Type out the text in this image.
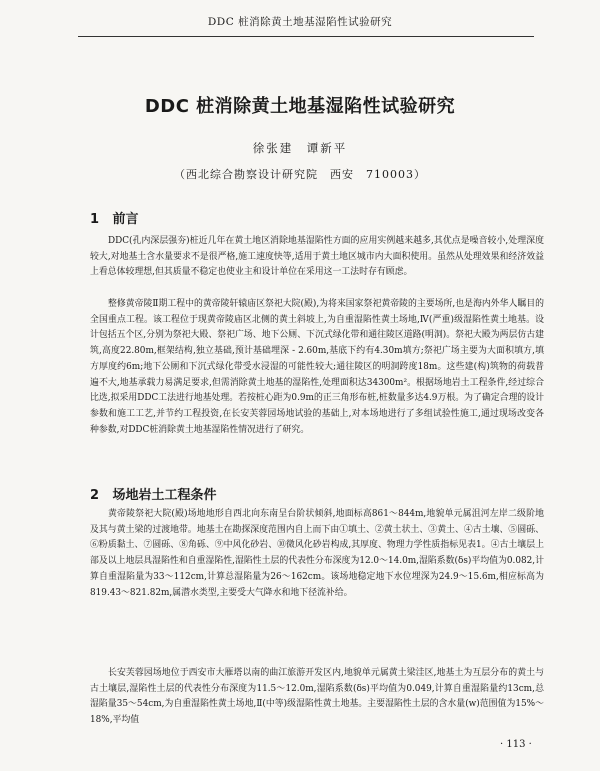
DDC 桩消除黄土地基湿陷性试验研究
DDC 桩消除黄土地基湿陷性试验研究
徐张建　谭新平
（西北综合勘察设计研究院　西安　710003）
1 前言

DDC(孔内深层强夯)桩近几年在黄土地区消除地基湿陷性方面的应用实例越来越多,其优点是噪音较小,处理深度较大,对地基土含水量要求不是很严格,施工速度快等,适用于黄土地区城市内大面积使用。虽然从处理效果和经济效益上看总体较理想,但其质量不稳定也使业主和设计单位在采用这一工法时存有顾虑。

整修黄帝陵Ⅱ期工程中的黄帝陵轩辕庙区祭祀大院(殿),为将来国家祭祀黄帝陵的主要场所,也是海内外华人瞩目的全国重点工程。该工程位于现黄帝陵庙区北侧的黄土斜坡上,为自重湿陷性黄土场地,Ⅳ(严重)级湿陷性黄土地基。设计包括五个区,分别为祭祀大殿、祭祀广场、地下公厕、下沉式绿化带和通往陵区道路(明洞)。祭祀大殿为两层仿古建筑,高度22.80m,框架结构,独立基础,预计基础埋深 - 2.60m,基底下约有4.30m填方;祭祀广场主要为大面积填方,填方厚度约6m;地下公厕和下沉式绿化带受水浸湿的可能性较大;通往陵区的明洞跨度18m。这些建(构)筑物的荷载普遍不大,地基承载力易满足要求,但需消除黄土地基的湿陷性,处理面积达34300m²。根据场地岩土工程条件,经过综合比选,拟采用DDC工法进行地基处理。若按桩心距为0.9m的正三角形布桩,桩数量多达4.9万根。为了确定合理的设计参数和施工工艺,并节约工程投资,在长安芙蓉园场地试验的基础上,对本场地进行了多组试验性施工,通过现场改变各种参数,对DDC桩消除黄土地基湿陷性情况进行了研究。

2 场地岩土工程条件

黄帝陵祭祀大院(殿)场地地形自西北向东南呈台阶状倾斜,地面标高861～844m,地貌单元属沮河左岸二级阶地及其与黄土梁的过渡地带。地基土在勘探深度范围内自上而下由①填土、②黄土状土、③黄土、④古土壤、⑤圆砾、⑥粉质黏土、⑦圆砾、⑧角砾、⑨中风化砂岩、⑩微风化砂岩构成,其厚度、物理力学性质指标见表1。④古土壤层上部及以上地层具湿陷性和自重湿陷性,湿陷性土层的代表性分布深度为12.0～14.0m,湿陷系数(δs)平均值为0.082,计算自重湿陷量为33～112cm,计算总湿陷量为26～162cm。该场地稳定地下水位埋深为24.9～15.6m,相应标高为819.43～821.82m,属潜水类型,主要受大气降水和地下径流补给。

长安芙蓉园场地位于西安市大雁塔以南的曲江旅游开发区内,地貌单元属黄土梁洼区,地基土为互层分布的黄土与古土壤层,湿陷性土层的代表性分布深度为11.5～12.0m,湿陷系数(δs)平均值为0.049,计算自重湿陷量约13cm,总湿陷量35～54cm,为自重湿陷性黄土场地,Ⅱ(中等)级湿陷性黄土地基。主要湿陷性土层的含水量(w)范围值为15%～18%,平均值

· 113 ·
